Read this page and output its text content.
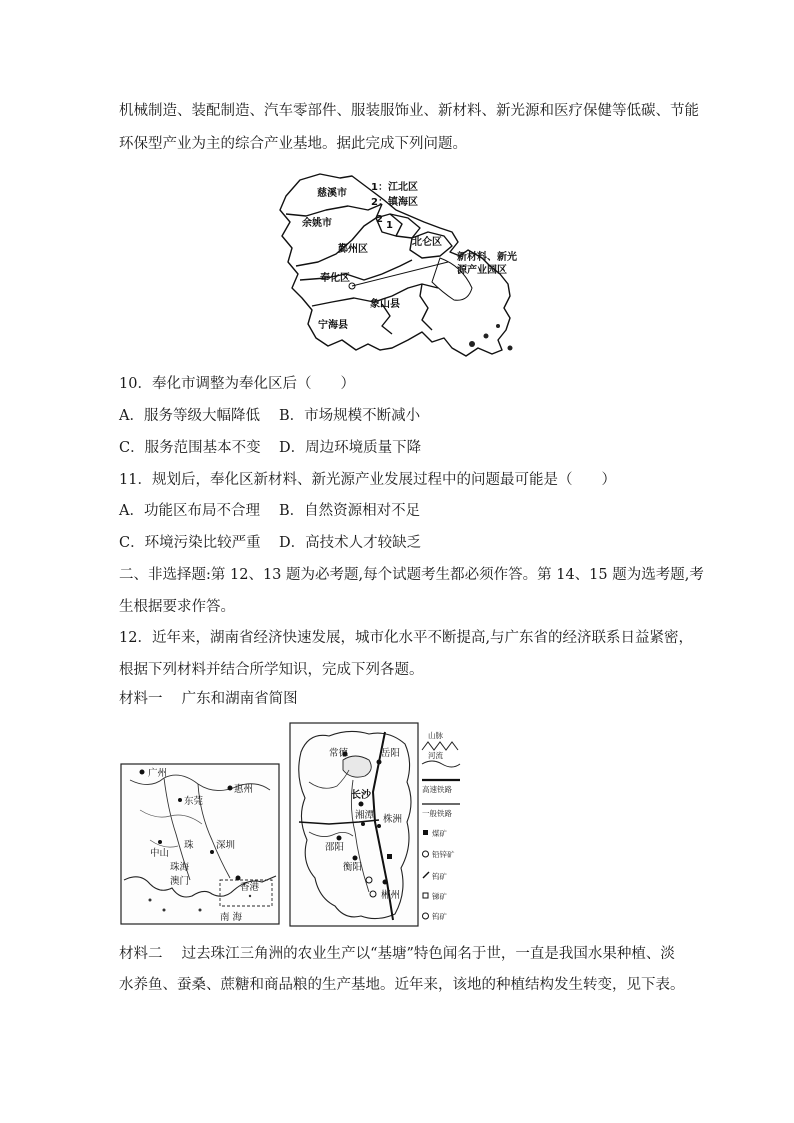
机械制造、装配制造、汽车零部件、服装服饰业、新材料、新光源和医疗保健等低碳、节能
环保型产业为主的综合产业基地。据此完成下列问题。
慈溪市
1：江北区
2：镇海区
1
2
余姚市
北仑区
鄞州区
奉化区
新材料、新光
源产业园区
象山县
宁海县
10．奉化市调整为奉化区后（　　）
A．服务等级大幅降低 B．市场规模不断减小
C．服务范围基本不变 D．周边环境质量下降
11．规划后，奉化区新材料、新光源产业发展过程中的问题最可能是（　　）
A．功能区布局不合理 B．自然资源相对不足
C．环境污染比较严重 D．高技术人才较缺乏
二、非选择题:第 12、13 题为必考题,每个试题考生都必须作答。第 14、15 题为选考题,考
生根据要求作答。
12．近年来，湖南省经济快速发展，城市化水平不断提高,与广东省的经济联系日益紧密，
根据下列材料并结合所学知识，完成下列各题。
材料一　 广东和湖南省简图
广州
惠州
东莞
中山
珠 深圳
珠海
澳门
香港
南 海
常德	岳阳
长沙
邵阳
湘潭 株洲
衡阳
郴州
山脉
河流
高速铁路
一般铁路
煤矿
铅锌矿
钨矿
锑矿
钨矿
材料二　 过去珠江三角洲的农业生产以“基塘”特色闻名于世，一直是我国水果种植、淡
水养鱼、蚕桑、蔗糖和商品粮的生产基地。近年来，该地的种植结构发生转变，见下表。
